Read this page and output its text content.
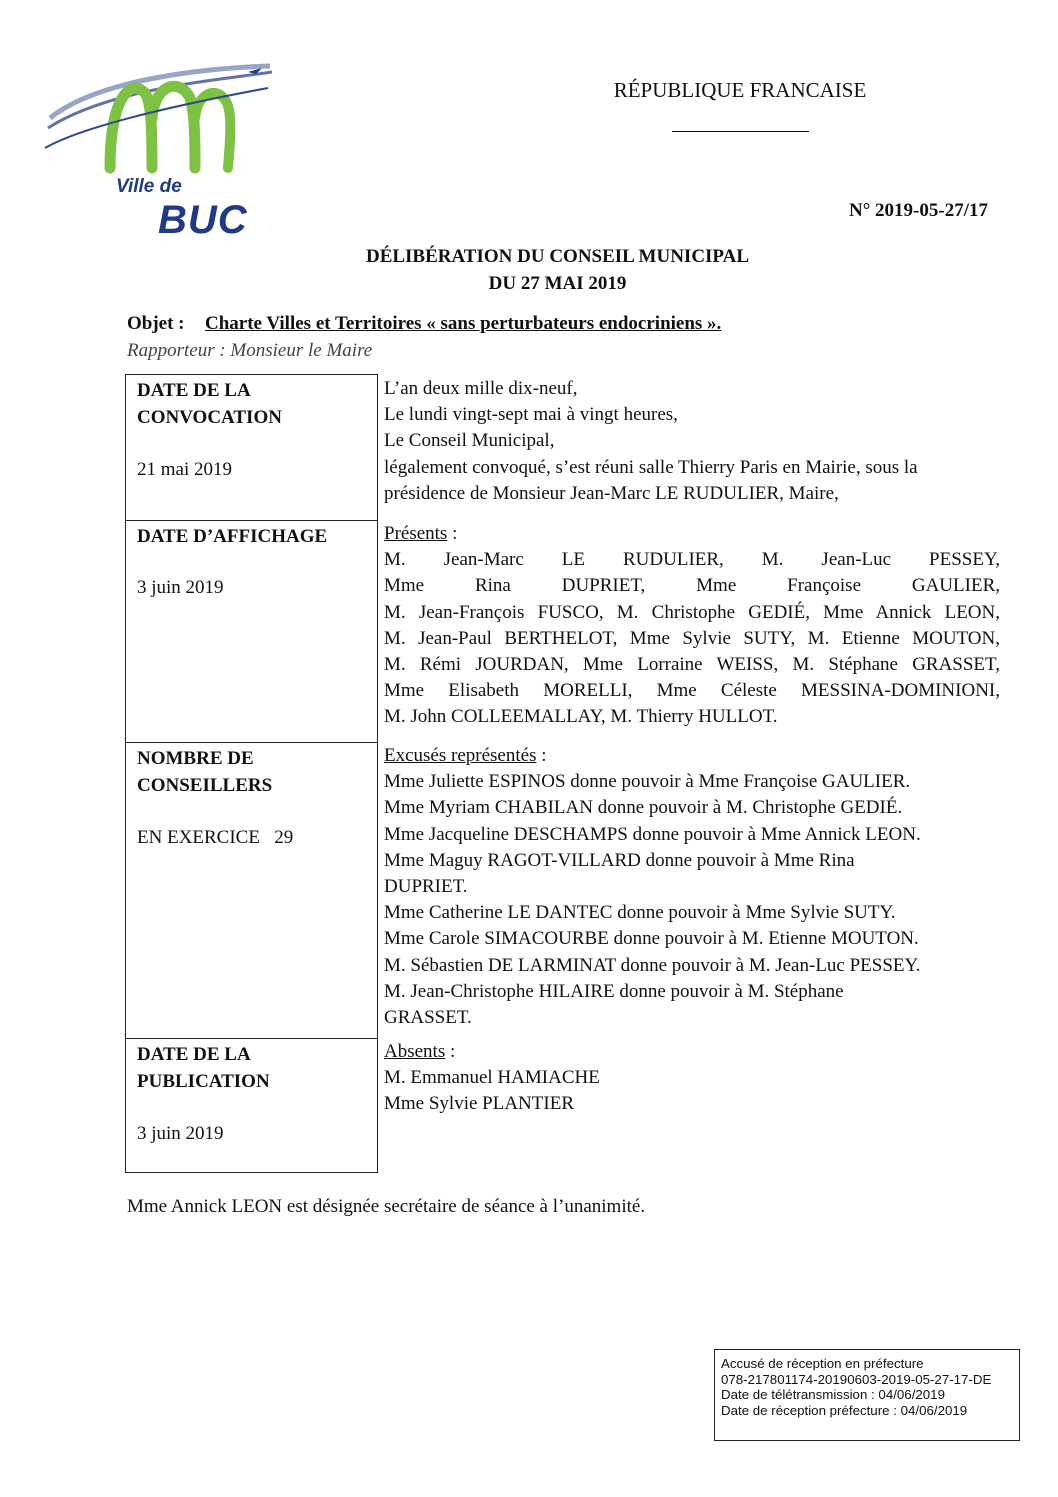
Ville de
BUC
RÉPUBLIQUE FRANCAISE
N° 2019-05-27/17
DÉLIBÉRATION DU CONSEIL MUNICIPAL
DU 27 MAI 2019
Objet : Charte Villes et Territoires « sans perturbateurs endocriniens ».
Rapporteur : Monsieur le Maire
DATE DE LA
CONVOCATION
21 mai 2019
DATE D’AFFICHAGE
3 juin 2019
NOMBRE DE
CONSEILLERS
EN EXERCICE   29
DATE DE LA
PUBLICATION
3 juin 2019

L’an deux mille dix-neuf,

Le lundi vingt-sept mai à vingt heures,

Le Conseil Municipal,

légalement convoqué, s’est réuni salle Thierry Paris en Mairie, sous la

présidence de Monsieur Jean-Marc LE RUDULIER, Maire,

Présents :

M. Jean-Marc LE RUDULIER, M. Jean-Luc PESSEY,

Mme Rina DUPRIET, Mme Françoise GAULIER,

M. Jean-François FUSCO, M. Christophe GEDIÉ, Mme Annick LEON,

M. Jean-Paul BERTHELOT, Mme Sylvie SUTY, M. Etienne MOUTON,

M. Rémi JOURDAN, Mme Lorraine WEISS, M. Stéphane GRASSET,

Mme Elisabeth MORELLI, Mme Céleste MESSINA-DOMINIONI,

M. John COLLEEMALLAY, M. Thierry HULLOT.

Excusés représentés :

Mme Juliette ESPINOS donne pouvoir à Mme Françoise GAULIER.

Mme Myriam CHABILAN donne pouvoir à M. Christophe GEDIÉ.

Mme Jacqueline DESCHAMPS donne pouvoir à Mme Annick LEON.

Mme Maguy RAGOT-VILLARD donne pouvoir à Mme Rina

DUPRIET.

Mme Catherine LE DANTEC donne pouvoir à Mme Sylvie SUTY.

Mme Carole SIMACOURBE donne pouvoir à M. Etienne MOUTON.

M. Sébastien DE LARMINAT donne pouvoir à M. Jean-Luc PESSEY.

M. Jean-Christophe HILAIRE donne pouvoir à M. Stéphane

GRASSET.

Absents :

M. Emmanuel HAMIACHE

Mme Sylvie PLANTIER

Mme Annick LEON est désignée secrétaire de séance à l’unanimité.
Accusé de réception en préfecture
078-217801174-20190603-2019-05-27-17-DE
Date de télétransmission : 04/06/2019
Date de réception préfecture : 04/06/2019
